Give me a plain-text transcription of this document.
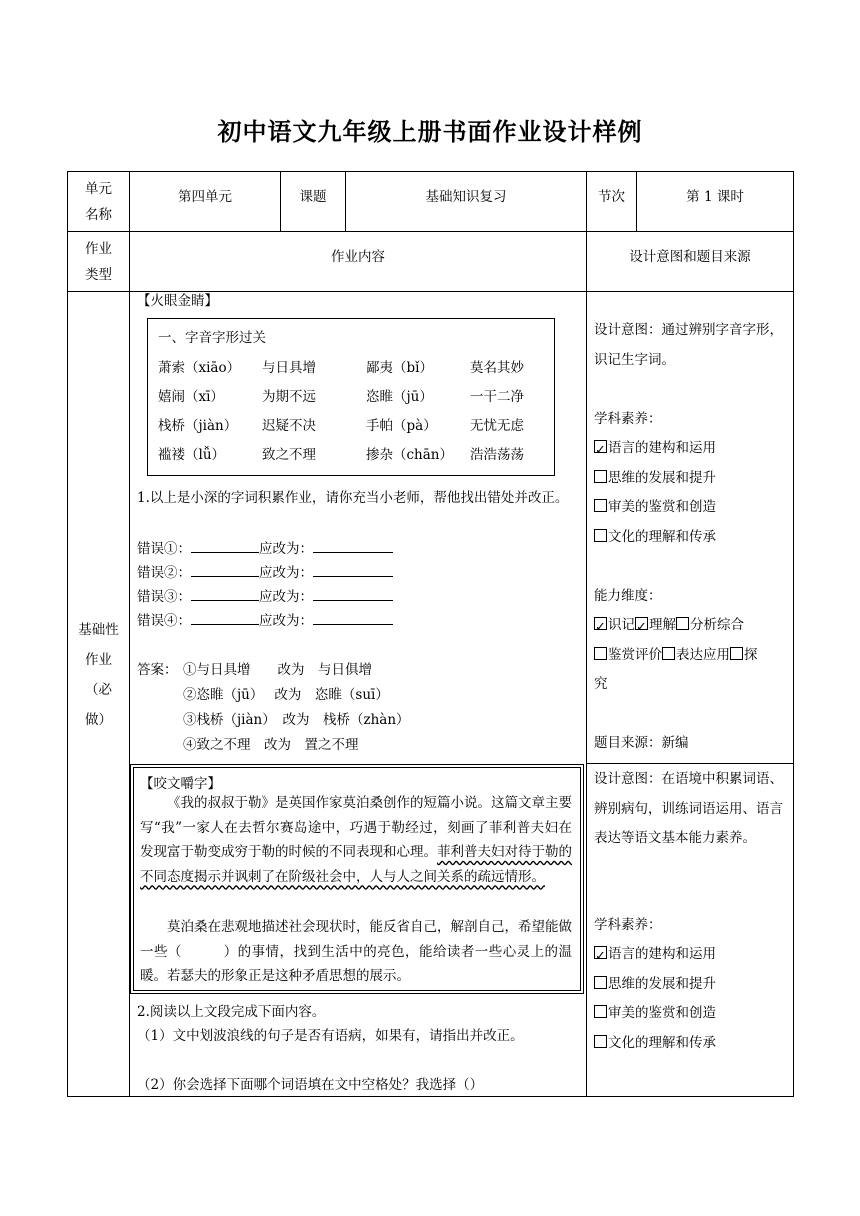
初中语文九年级上册书面作业设计样例
单元
名称
第四单元	课题	基础知识复习	节次	第 1 课时
作业
类型
作业内容	设计意图和题目来源
基础性
作业
（必
做）
【火眼金睛】
一、字音字形过关
萧索（xiāo） 与日具增	鄙夷（bǐ）	莫名其妙
嬉闹（xī）	为期不远	恣睢（jū）	一干二净
栈桥（jiàn） 迟疑不决	手帕（pà） 无忧无虑
褴褛（lǚ）	致之不理	掺杂（chān） 浩浩荡荡
1.以上是小深的字词积累作业，请你充当小老师，帮他找出错处并改正。
错误①：	应改为：
错误②：	应改为：
错误③：	应改为：
错误④：	应改为：
答案： ①与日具增　　改为　与日俱增
②恣睢（jū）　 改为　恣睢（suī）
③栈桥（jiàn）　改为　栈桥（zhàn）
④致之不理　改为　置之不理
【咬文嚼字】
《我的叔叔于勒》是英国作家莫泊桑创作的短篇小说。这篇文章主要写“我”一家人在去哲尔赛岛途中，巧遇于勒经过，刻画了菲利普夫妇在发现富于勒变成穷于勒的时候的不同表现和心理。菲利普夫妇对待于勒的不同态度揭示并讽刺了在阶级社会中，人与人之间关系的疏远情形。
莫泊桑在悲观地描述社会现状时，能反省自己，解剖自己，希望能做一些（　　　）的事情，找到生活中的亮色，能给读者一些心灵上的温暖。若瑟夫的形象正是这种矛盾思想的展示。
2.阅读以上文段完成下面内容。
（1）文中划波浪线的句子是否有语病，如果有，请指出并改正。
（2）你会选择下面哪个词语填在文中空格处？我选择（）
设计意图：通过辨别字音字形，识记生字词。
学科素养：
✓语言的建构和运用
思维的发展和提升
审美的鉴赏和创造
文化的理解和传承
能力维度：
✓识记✓ 理解 分析综合
鉴赏评价 表达应用 探
究
题目来源：新编
设计意图：在语境中积累词语、辨别病句，训练词语运用、语言表达等语文基本能力素养。
学科素养：
✓语言的建构和运用
思维的发展和提升
审美的鉴赏和创造
文化的理解和传承
